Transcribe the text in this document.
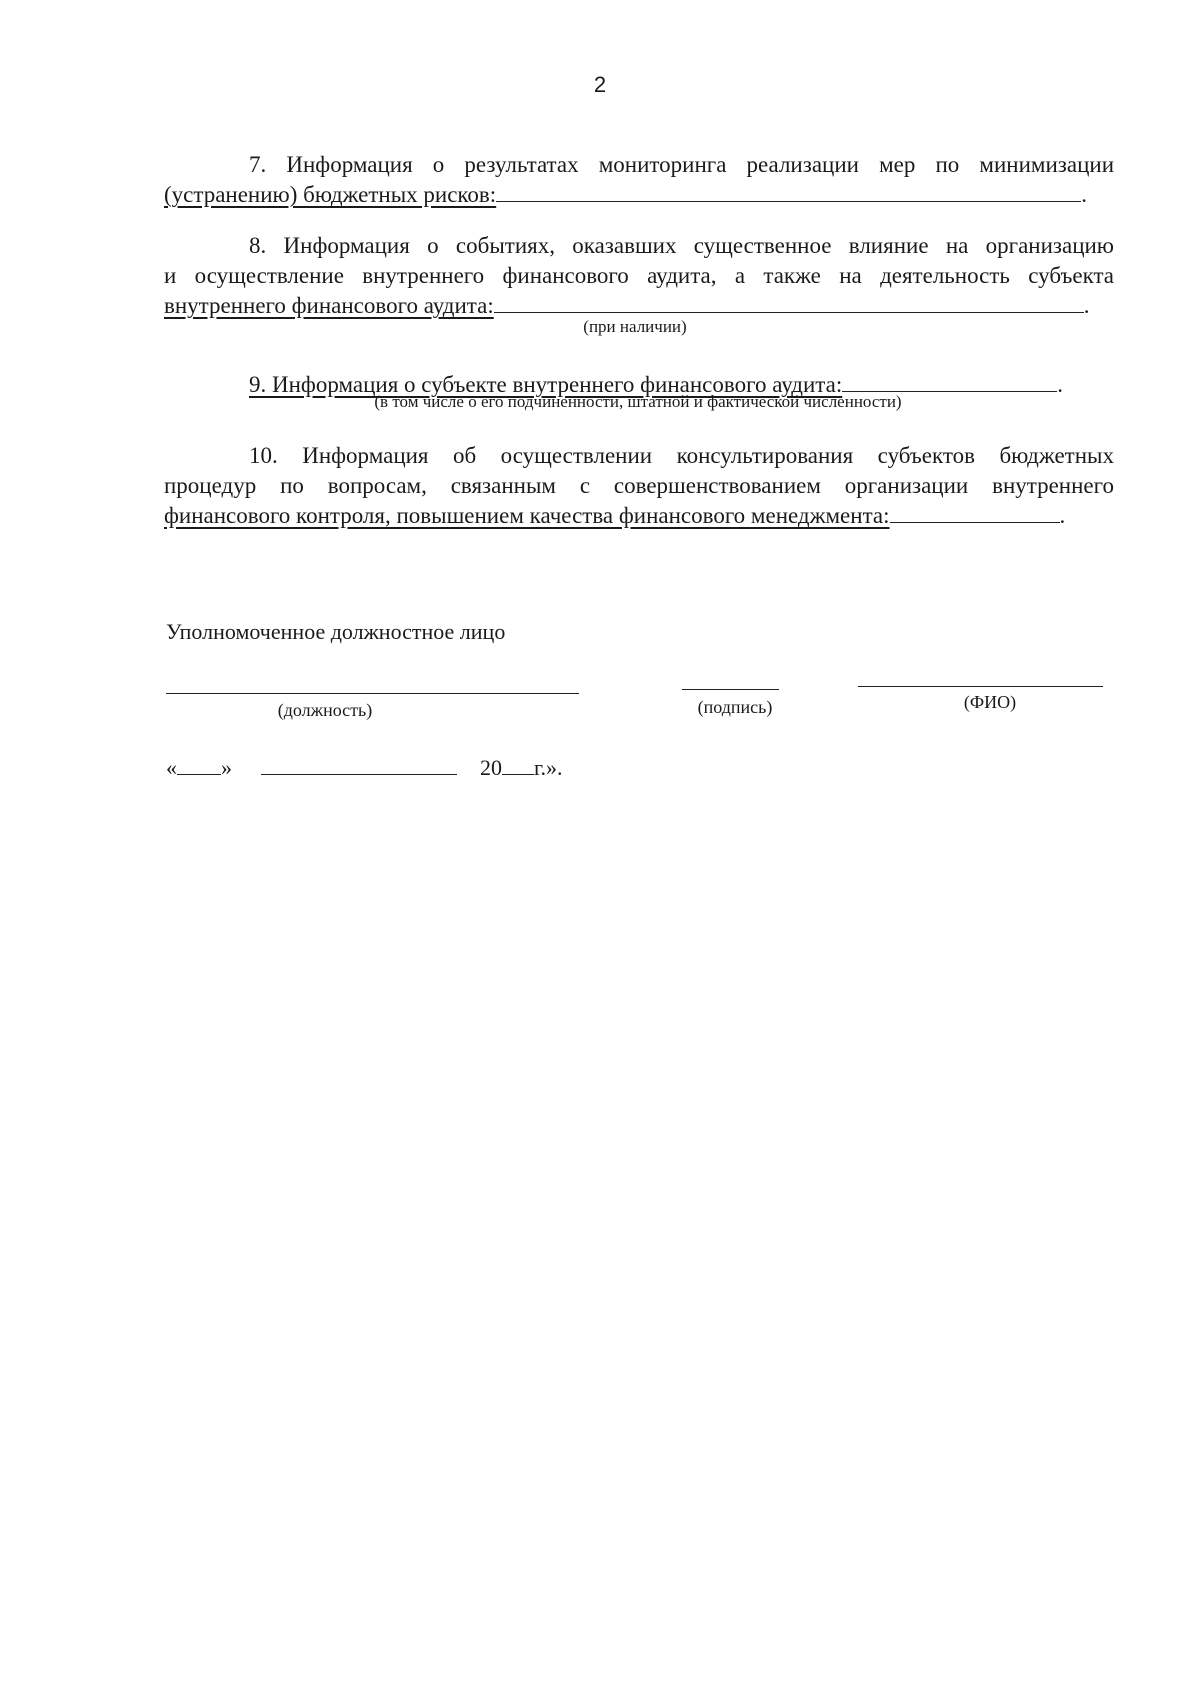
2

7. Информация о результатах мониторинга реализации мер по минимизации

(устранению) бюджетных рисков:	.

8. Информация о событиях, оказавших существенное влияние на организацию

и осуществление внутреннего финансового аудита, а также на деятельность субъекта
внутреннего финансового аудита:	.
(при наличии)
9. Информация о субъекте внутреннего финансового аудита:	.
(в том числе о его подчиненности, штатной и фактической численности)

10. Информация об осуществлении консультирования субъектов бюджетных

процедур по вопросам, связанным с совершенствованием организации внутреннего
финансового контроля, повышением качества финансового менеджмента:	.
Уполномоченное должностное лицо
(должность)	(подпись)	(ФИО)
« »	20 г.».
